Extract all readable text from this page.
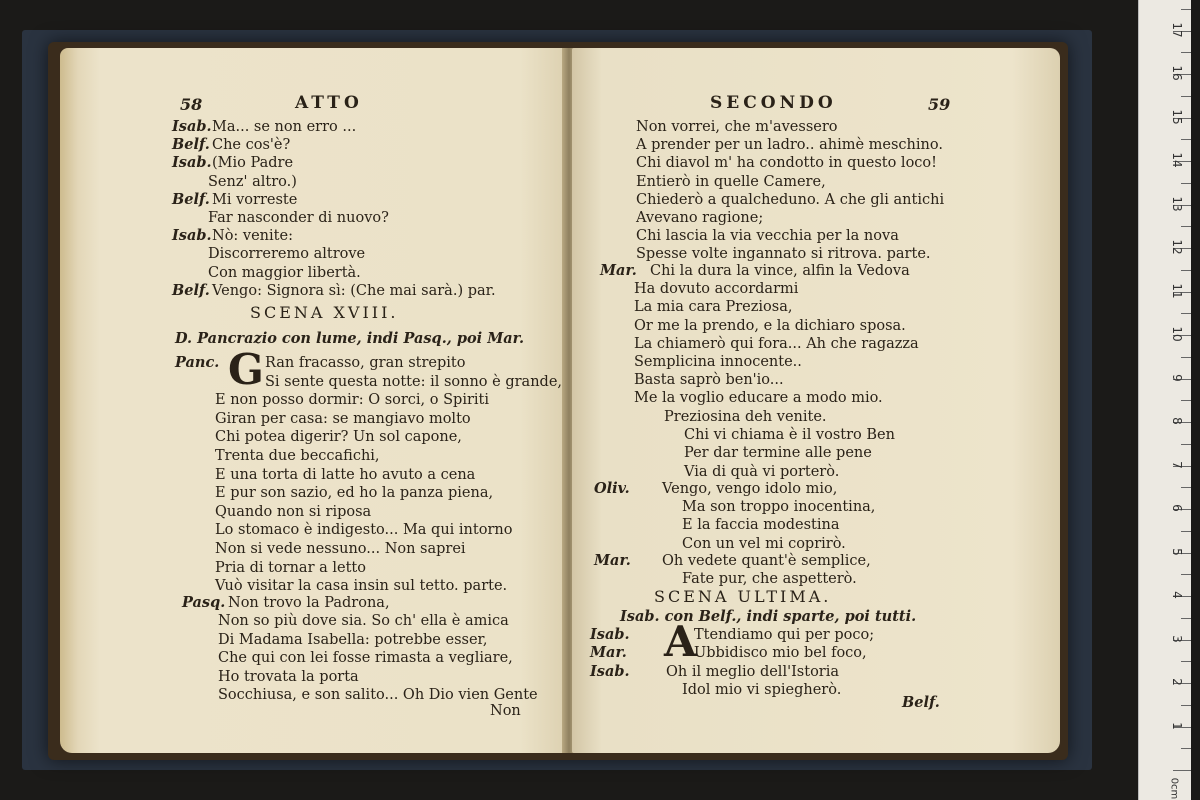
58	ATTO
Isab. Ma... se non erro ...
Belf. Che cos'è?
Isab. (Mio Padre
Senz' altro.)
Belf. Mi vorreste
Far nasconder di nuovo?
Isab. Nò: venite:
Discorreremo altrove
Con maggior libertà.
Belf. Vengo: Signora sì: (Che mai sarà.) par.
SCENA XVIII.
D. Pancrazio con lume, indi Pasq., poi Mar.
Panc. G Ran fracasso, gran strepito
Si sente questa notte: il sonno è grande,
E non posso dormir: O sorci, o Spiriti
Giran per casa: se mangiavo molto
Chi potea digerir? Un sol capone,
Trenta due beccafichi,
E una torta di latte ho avuto a cena
E pur son sazio, ed ho la panza piena,
Quando non si riposa
Lo stomaco è indigesto... Ma qui intorno
Non si vede nessuno... Non saprei
Pria di tornar a letto
Vuò visitar la casa insin sul tetto. parte.
Pasq. Non trovo la Padrona,
Non so più dove sia. So ch' ella è amica
Di Madama Isabella: potrebbe esser,
Che qui con lei fosse rimasta a vegliare,
Ho trovata la porta
Socchiusa, e son salito... Oh Dio vien Gente
Non
SECONDO	59
Non vorrei, che m'avessero
A prender per un ladro.. ahimè meschino.
Chi diavol m' ha condotto in questo loco!
Entierò in quelle Camere,
Chiederò a qualcheduno. A che gli antichi
Avevano ragione;
Chi lascia la via vecchia per la nova
Spesse volte ingannato si ritrova. parte.
Mar. Chi la dura la vince, alfin la Vedova
Ha dovuto accordarmi
La mia cara Preziosa,
Or me la prendo, e la dichiaro sposa.
La chiamerò qui fora... Ah che ragazza
Semplicina innocente..
Basta saprò ben'io...
Me la voglio educare a modo mio.
Preziosina deh venite.
Chi vi chiama è il vostro Ben
Per dar termine alle pene
Via di quà vi porterò.
Oliv. Vengo, vengo idolo mio,
Ma son troppo inocentina,
E la faccia modestina
Con un vel mi coprirò.
Mar. Oh vedete quant'è semplice,
Fate pur, che aspetterò.
SCENA ULTIMA.
Isab. con Belf., indi sparte, poi tutti.
A
Isab.	Ttendiamo qui per poco;
Mar.	Ubbidisco mio bel foco,
Isab.	Oh il meglio dell'Istoria
Idol mio vi spiegherò.
Belf.
1
2
3
4
5
6
7
8
9
10
11
12
13
14
15
16
17
0cm
